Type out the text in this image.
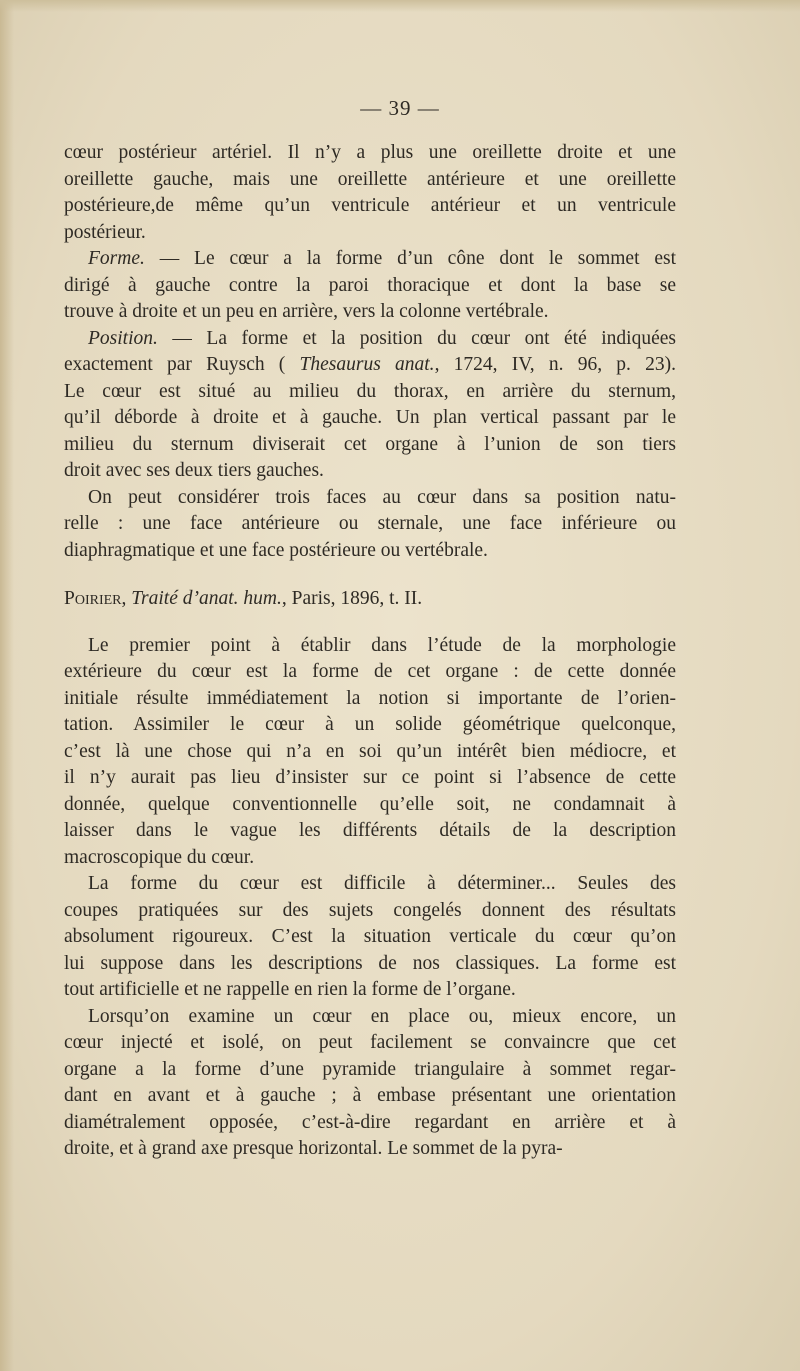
— 39 —
cœur postérieur artériel. Il n’y a plus une oreillette droite et une
oreillette gauche, mais une oreillette antérieure et une oreillette
postérieure,de même qu’un ventricule antérieur et un ventricule
postérieur.
Forme. — Le cœur a la forme d’un cône dont le sommet est
dirigé à gauche contre la paroi thoracique et dont la base se
trouve à droite et un peu en arrière, vers la colonne vertébrale.
Position. — La forme et la position du cœur ont été indiquées
exactement par Ruysch ( Thesaurus anat., 1724, IV, n. 96, p. 23).
Le cœur est situé au milieu du thorax, en arrière du sternum,
qu’il déborde à droite et à gauche. Un plan vertical passant par le
milieu du sternum diviserait cet organe à l’union de son tiers
droit avec ses deux tiers gauches.
On peut considérer trois faces au cœur dans sa position natu-
relle : une face antérieure ou sternale, une face inférieure ou
diaphragmatique et une face postérieure ou vertébrale.
Poirier, Traité d’anat. hum., Paris, 1896, t. II.
Le premier point à établir dans l’étude de la morphologie
extérieure du cœur est la forme de cet organe : de cette donnée
initiale résulte immédiatement la notion si importante de l’orien-
tation. Assimiler le cœur à un solide géométrique quelconque,
c’est là une chose qui n’a en soi qu’un intérêt bien médiocre, et
il n’y aurait pas lieu d’insister sur ce point si l’absence de cette
donnée, quelque conventionnelle qu’elle soit, ne condamnait à
laisser dans le vague les différents détails de la description
macroscopique du cœur.
La forme du cœur est difficile à déterminer... Seules des
coupes pratiquées sur des sujets congelés donnent des résultats
absolument rigoureux. C’est la situation verticale du cœur qu’on
lui suppose dans les descriptions de nos classiques. La forme est
tout artificielle et ne rappelle en rien la forme de l’organe.
Lorsqu’on examine un cœur en place ou, mieux encore, un
cœur injecté et isolé, on peut facilement se convaincre que cet
organe a la forme d’une pyramide triangulaire à sommet regar-
dant en avant et à gauche ; à embase présentant une orientation
diamétralement opposée, c’est-à-dire regardant en arrière et à
droite, et à grand axe presque horizontal. Le sommet de la pyra-
